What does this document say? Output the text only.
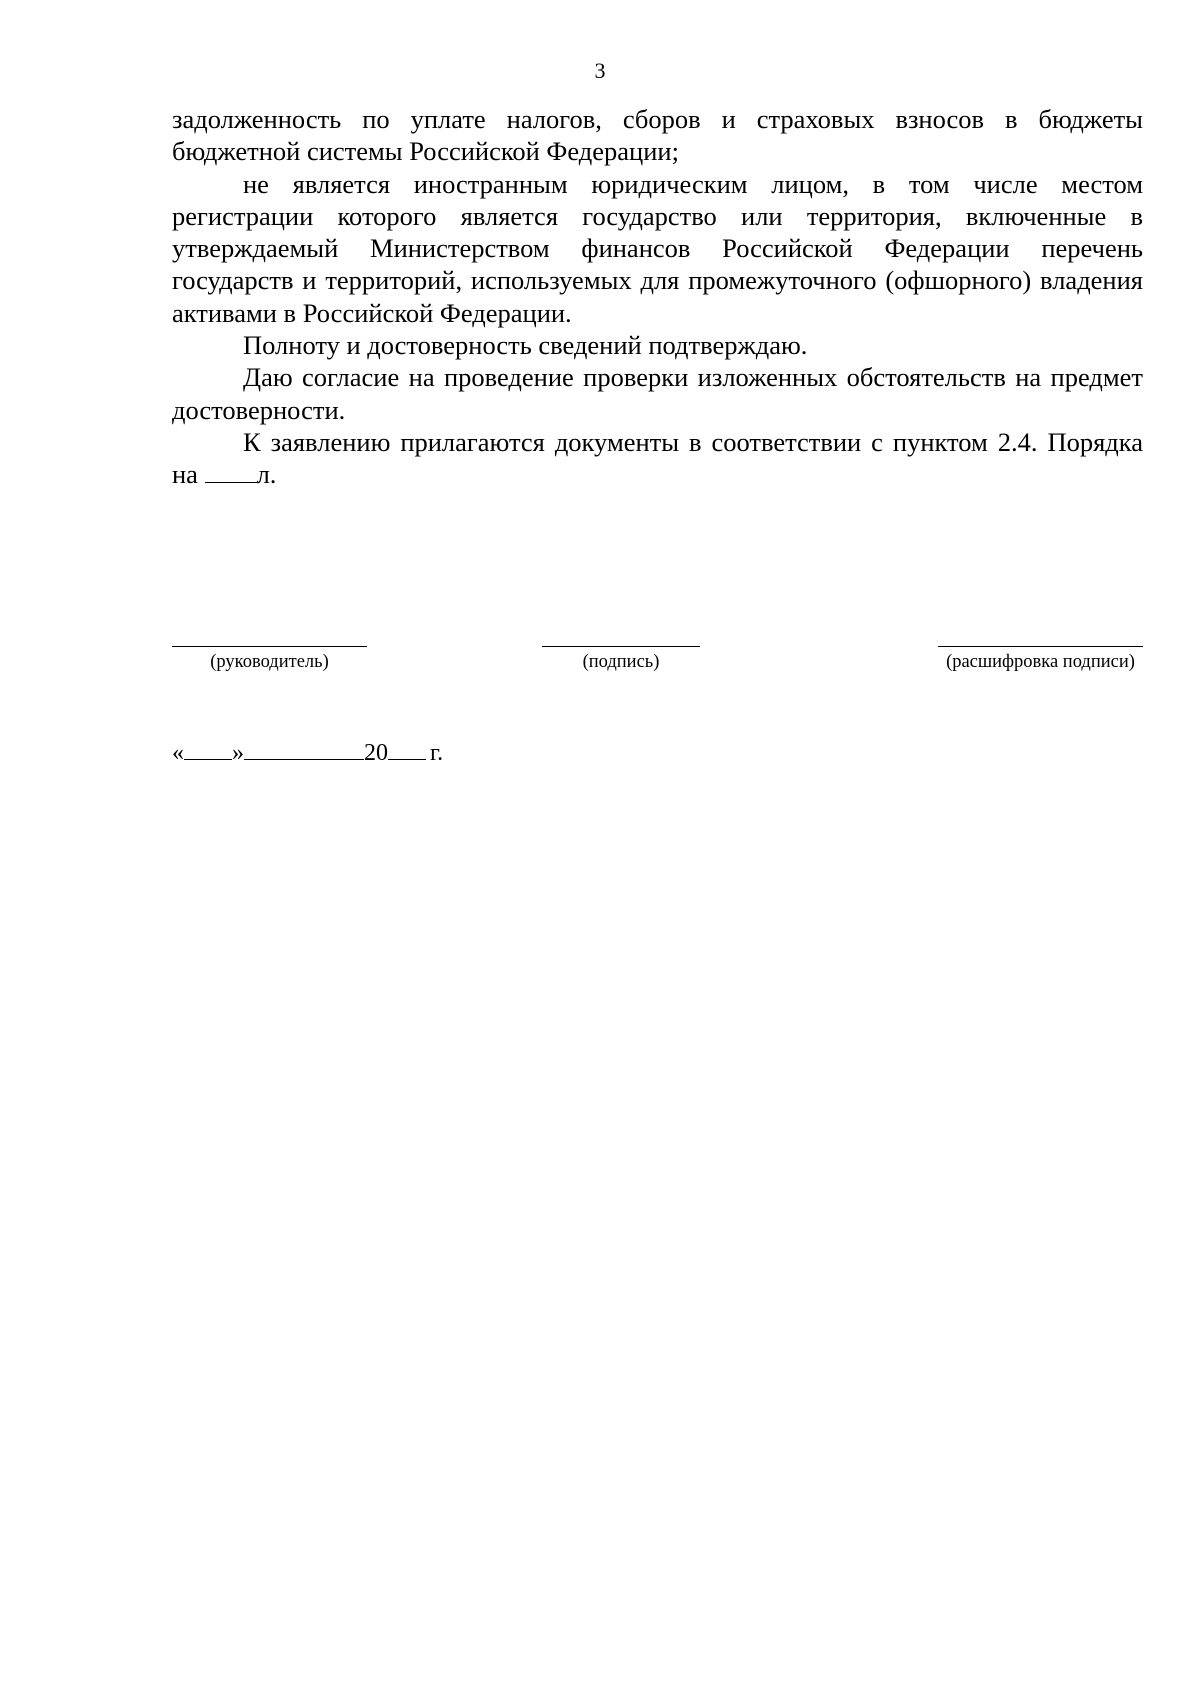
3

задолженность по уплате налогов, сборов и страховых взносов в бюджеты бюджетной системы Российской Федерации;

не является иностранным юридическим лицом, в том числе местом регистрации которого является государство или территория, включенные в утверждаемый Министерством финансов Российской Федерации перечень государств и территорий, используемых для промежуточного (офшорного) владения активами в Российской Федерации.

Полноту и достоверность сведений подтверждаю.

Даю согласие на проведение проверки изложенных обстоятельств на предмет достоверности.

К заявлению прилагаются документы в соответствии с пунктом 2.4. Порядка на л.

(руководитель)	(подпись)	(расшифровка подписи)
« »	20 г.
